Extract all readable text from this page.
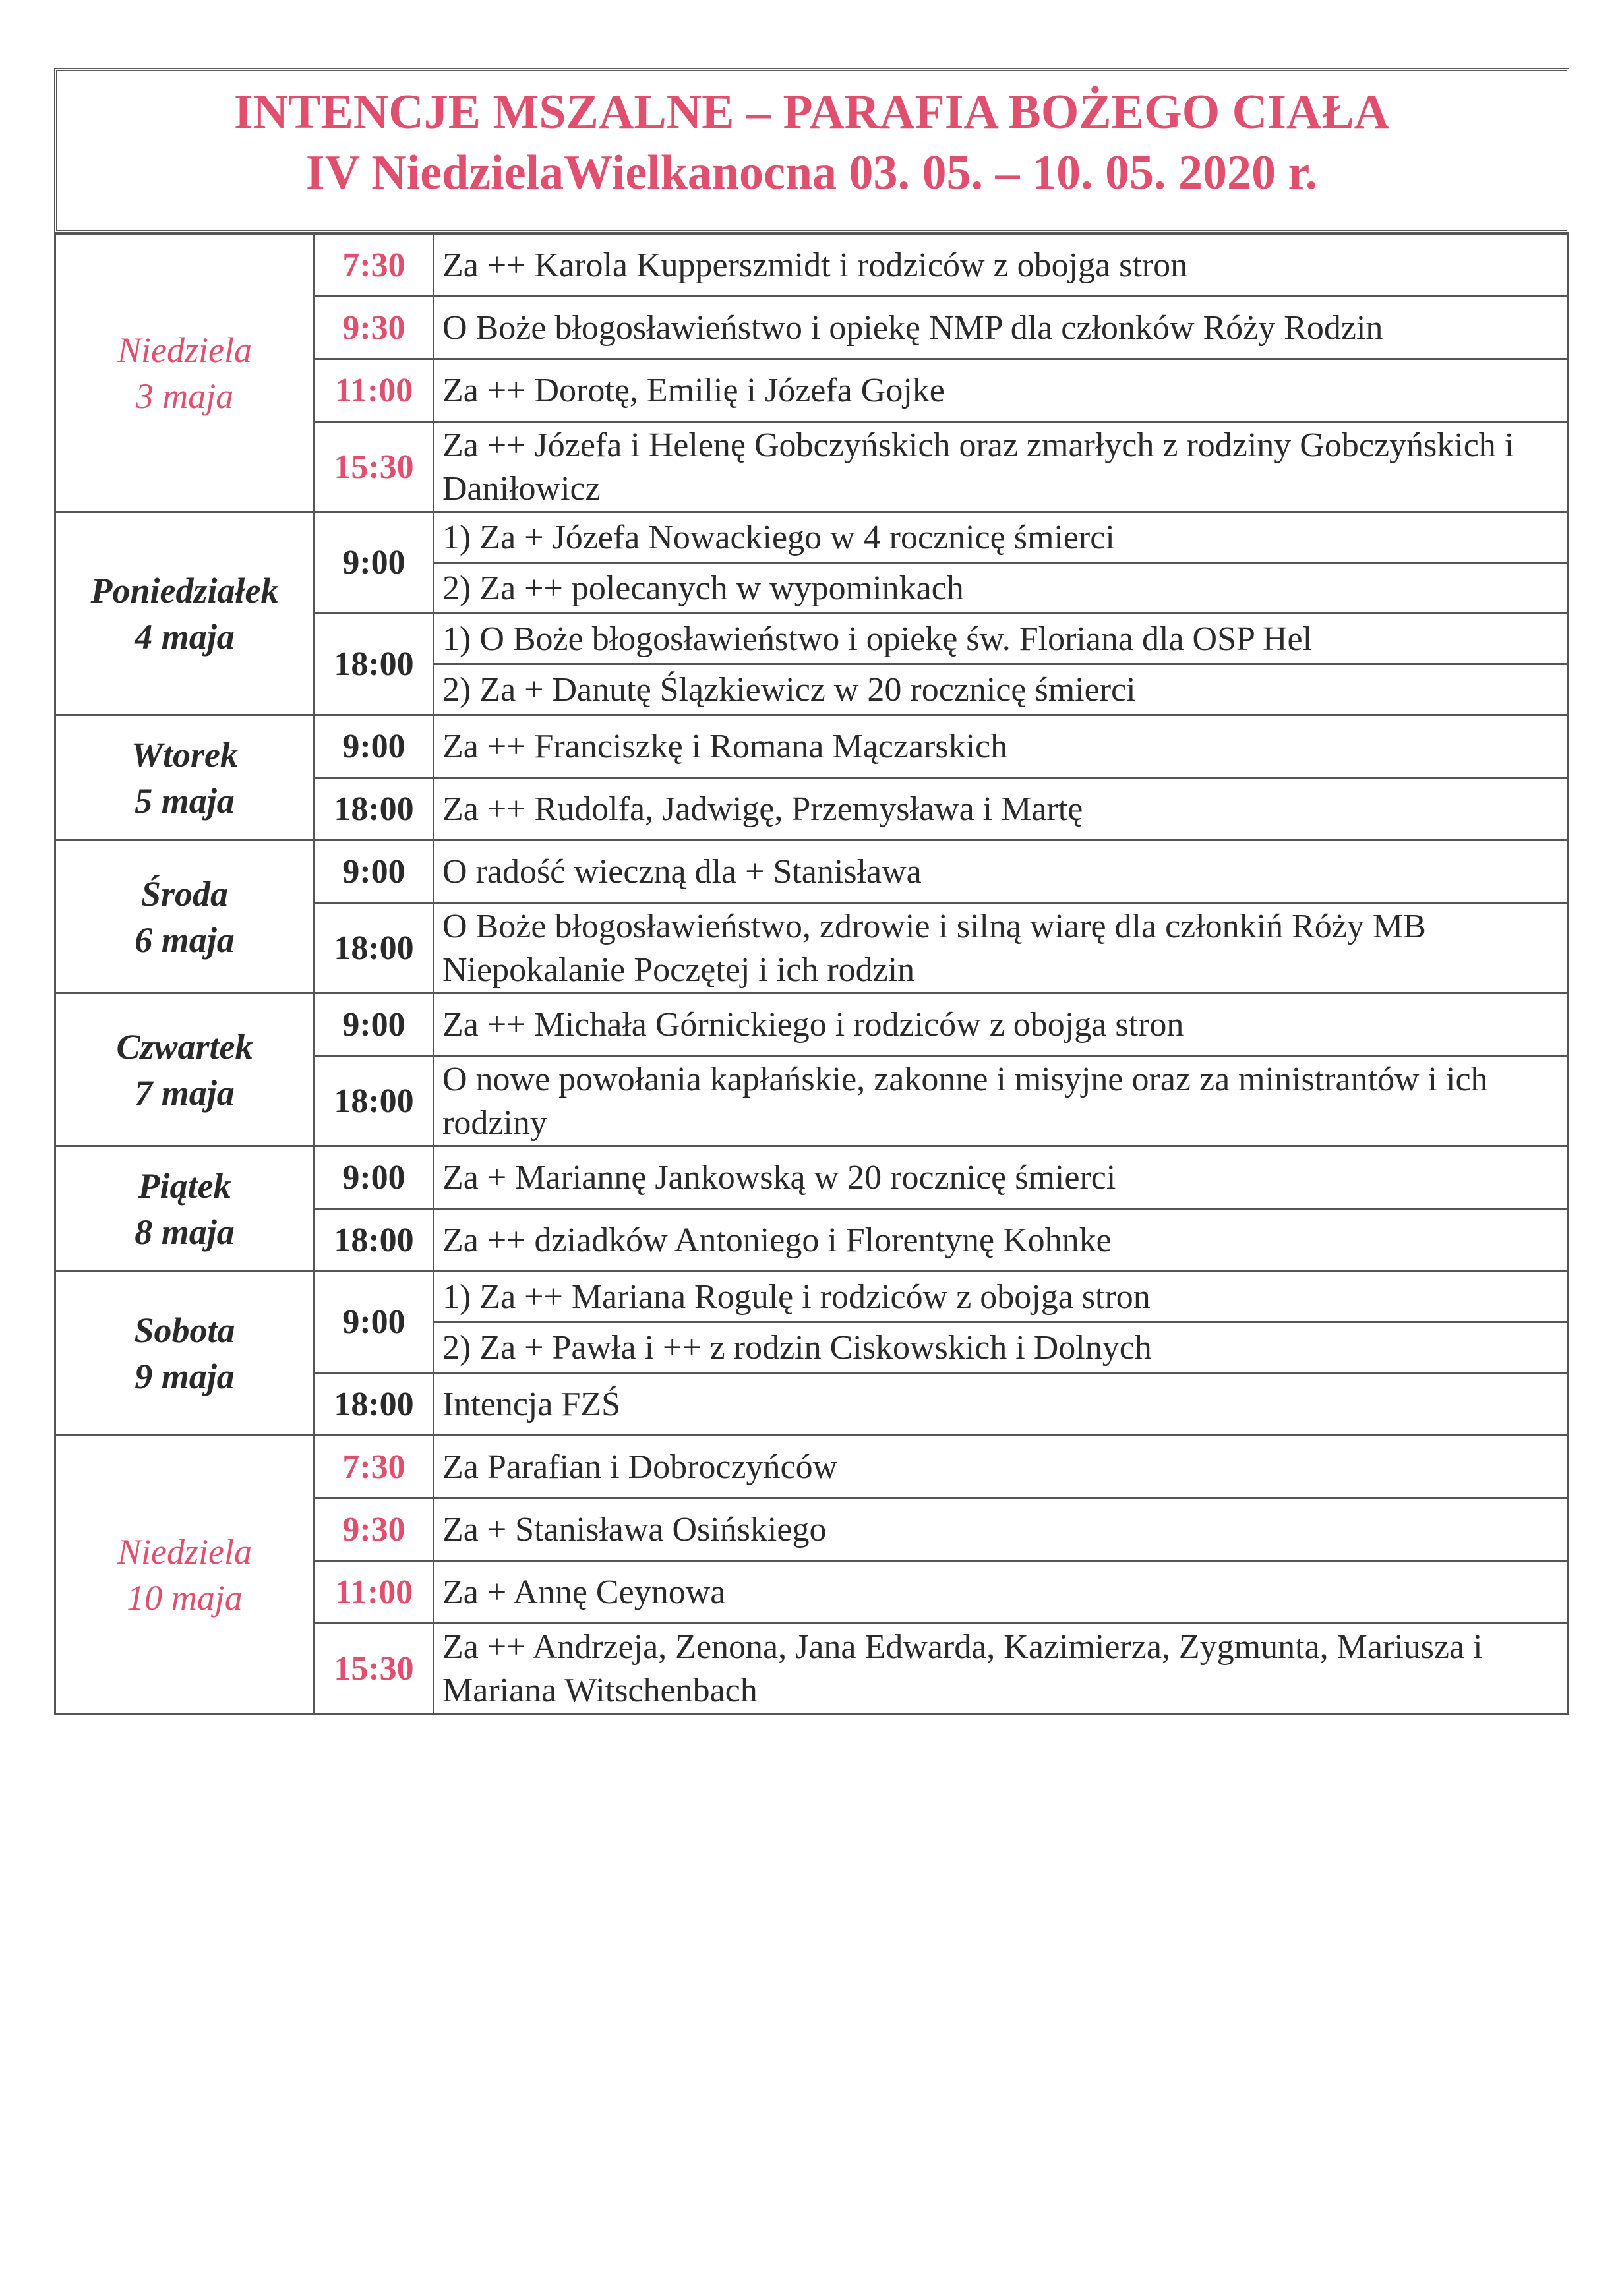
INTENCJE MSZALNE – PARAFIA BOŻEGO CIAŁA
IV NiedzielaWielkanocna 03. 05. – 10. 05. 2020 r.
Niedziela
3 maja	7:30	Za ++ Karola Kupperszmidt i rodziców z obojga stron
	9:30	O Boże błogosławieństwo i opiekę NMP dla członków Róży Rodzin
	11:00	Za ++ Dorotę, Emilię i Józefa Gojke
	15:30	Za ++ Józefa i Helenę Gobczyńskich oraz zmarłych z rodziny Gobczyńskich i Daniłowicz

Poniedziałek
4 maja	9:00	1) Za + Józefa Nowackiego w 4 rocznicę śmierci
		2) Za ++ polecanych w wypominkach
	18:00	1) O Boże błogosławieństwo i opiekę św. Floriana dla OSP Hel
		2) Za + Danutę Ślązkiewicz w 20 rocznicę śmierci

Wtorek
5 maja	9:00	Za ++ Franciszkę i Romana Mączarskich
	18:00	Za ++ Rudolfa, Jadwigę, Przemysława i Martę

Środa
6 maja	9:00	O radość wieczną dla + Stanisława
	18:00	O Boże błogosławieństwo, zdrowie i silną wiarę dla członkiń Róży MB Niepokalanie Poczętej i ich rodzin

Czwartek
7 maja	9:00	Za ++ Michała Górnickiego i rodziców z obojga stron
	18:00	O nowe powołania kapłańskie, zakonne i misyjne oraz za ministrantów i ich rodziny

Piątek
8 maja	9:00	Za + Mariannę Jankowską w 20 rocznicę śmierci
	18:00	Za ++ dziadków Antoniego i Florentynę Kohnke

Sobota
9 maja	9:00	1) Za ++ Mariana Rogulę i rodziców z obojga stron
		2) Za + Pawła i ++ z rodzin Ciskowskich i Dolnych
	18:00	Intencja FZŚ

Niedziela
10 maja	7:30	Za Parafian i Dobroczyńców
	9:30	Za + Stanisława Osińskiego
	11:00	Za + Annę Ceynowa
	15:30	Za ++ Andrzeja, Zenona, Jana Edwarda, Kazimierza, Zygmunta, Mariusza i Mariana Witschenbach
